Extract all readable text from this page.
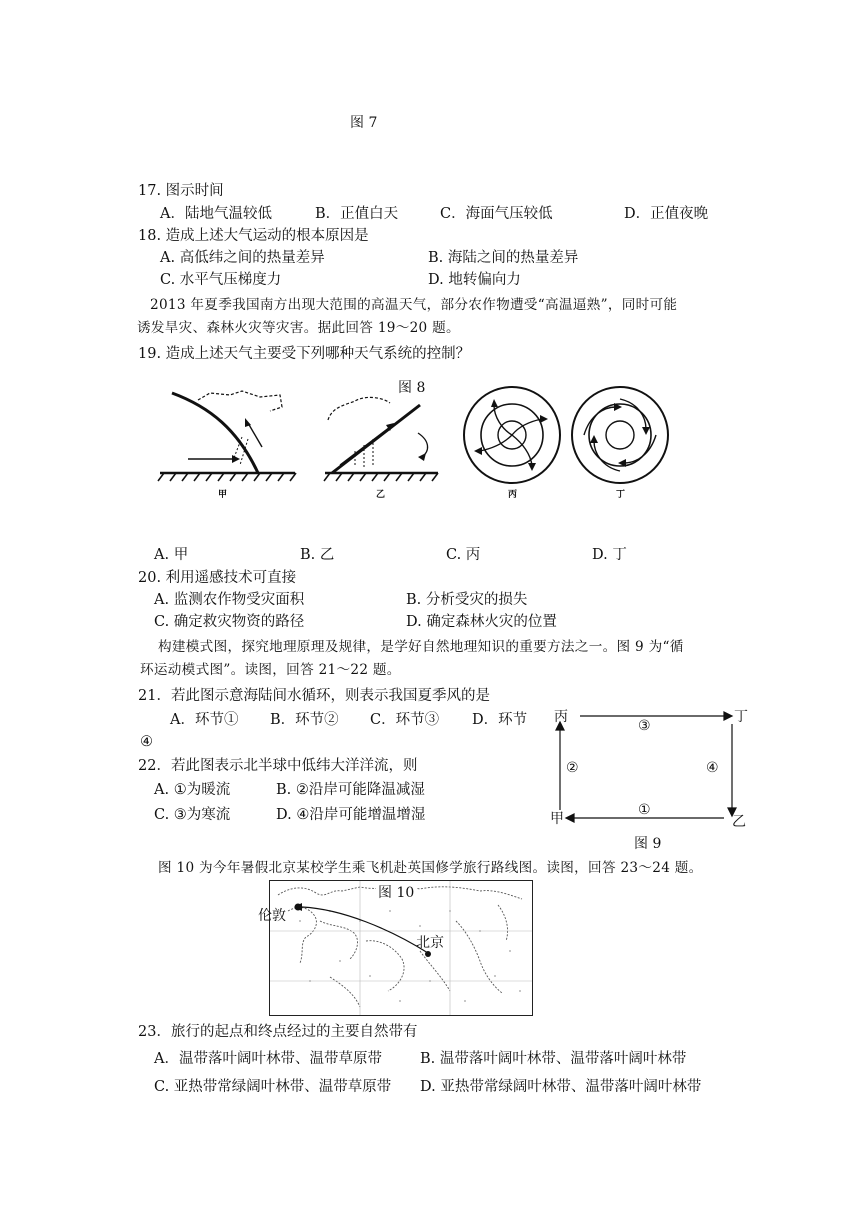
图 7
17. 图示时间
A．陆地气温较低	B．正值白天	C．海面气压较低	D．正值夜晚
18. 造成上述大气运动的根本原因是
A. 高低纬之间的热量差异	B. 海陆之间的热量差异
C. 水平气压梯度力	D. 地转偏向力
2013 年夏季我国南方出现大范围的高温天气，部分农作物遭受“高温逼熟”，同时可能
诱发旱灾、森林火灾等灾害。据此回答 19～20 题。
19. 造成上述天气主要受下列哪种天气系统的控制？
图 8
甲	乙	丙	丁
A. 甲	B. 乙	C. 丙	D. 丁
20. 利用遥感技术可直接
A. 监测农作物受灾面积	B. 分析受灾的损失
C. 确定救灾物资的路径	D. 确定森林火灾的位置
构建模式图，探究地理原理及规律，是学好自然地理知识的重要方法之一。图 9 为“循
环运动模式图”。读图，回答 21～22 题。
21．若此图示意海陆间水循环，则表示我国夏季风的是
A．环节① B．环节② C．环节③ D．环节
④
22．若此图表示北半球中低纬大洋洋流，则
A. ①为暖流	B. ②沿岸可能降温减湿
C. ③为寒流	D. ④沿岸可能增温增湿
丙	丁
甲	乙
③
②	④
①
图 9
图 10 为今年暑假北京某校学生乘飞机赴英国修学旅行路线图。读图，回答 23～24 题。
图 10
伦敦
北京
23．旅行的起点和终点经过的主要自然带有
A．温带落叶阔叶林带、温带草原带	B. 温带落叶阔叶林带、温带落叶阔叶林带
C. 亚热带常绿阔叶林带、温带草原带 D. 亚热带常绿阔叶林带、温带落叶阔叶林带
